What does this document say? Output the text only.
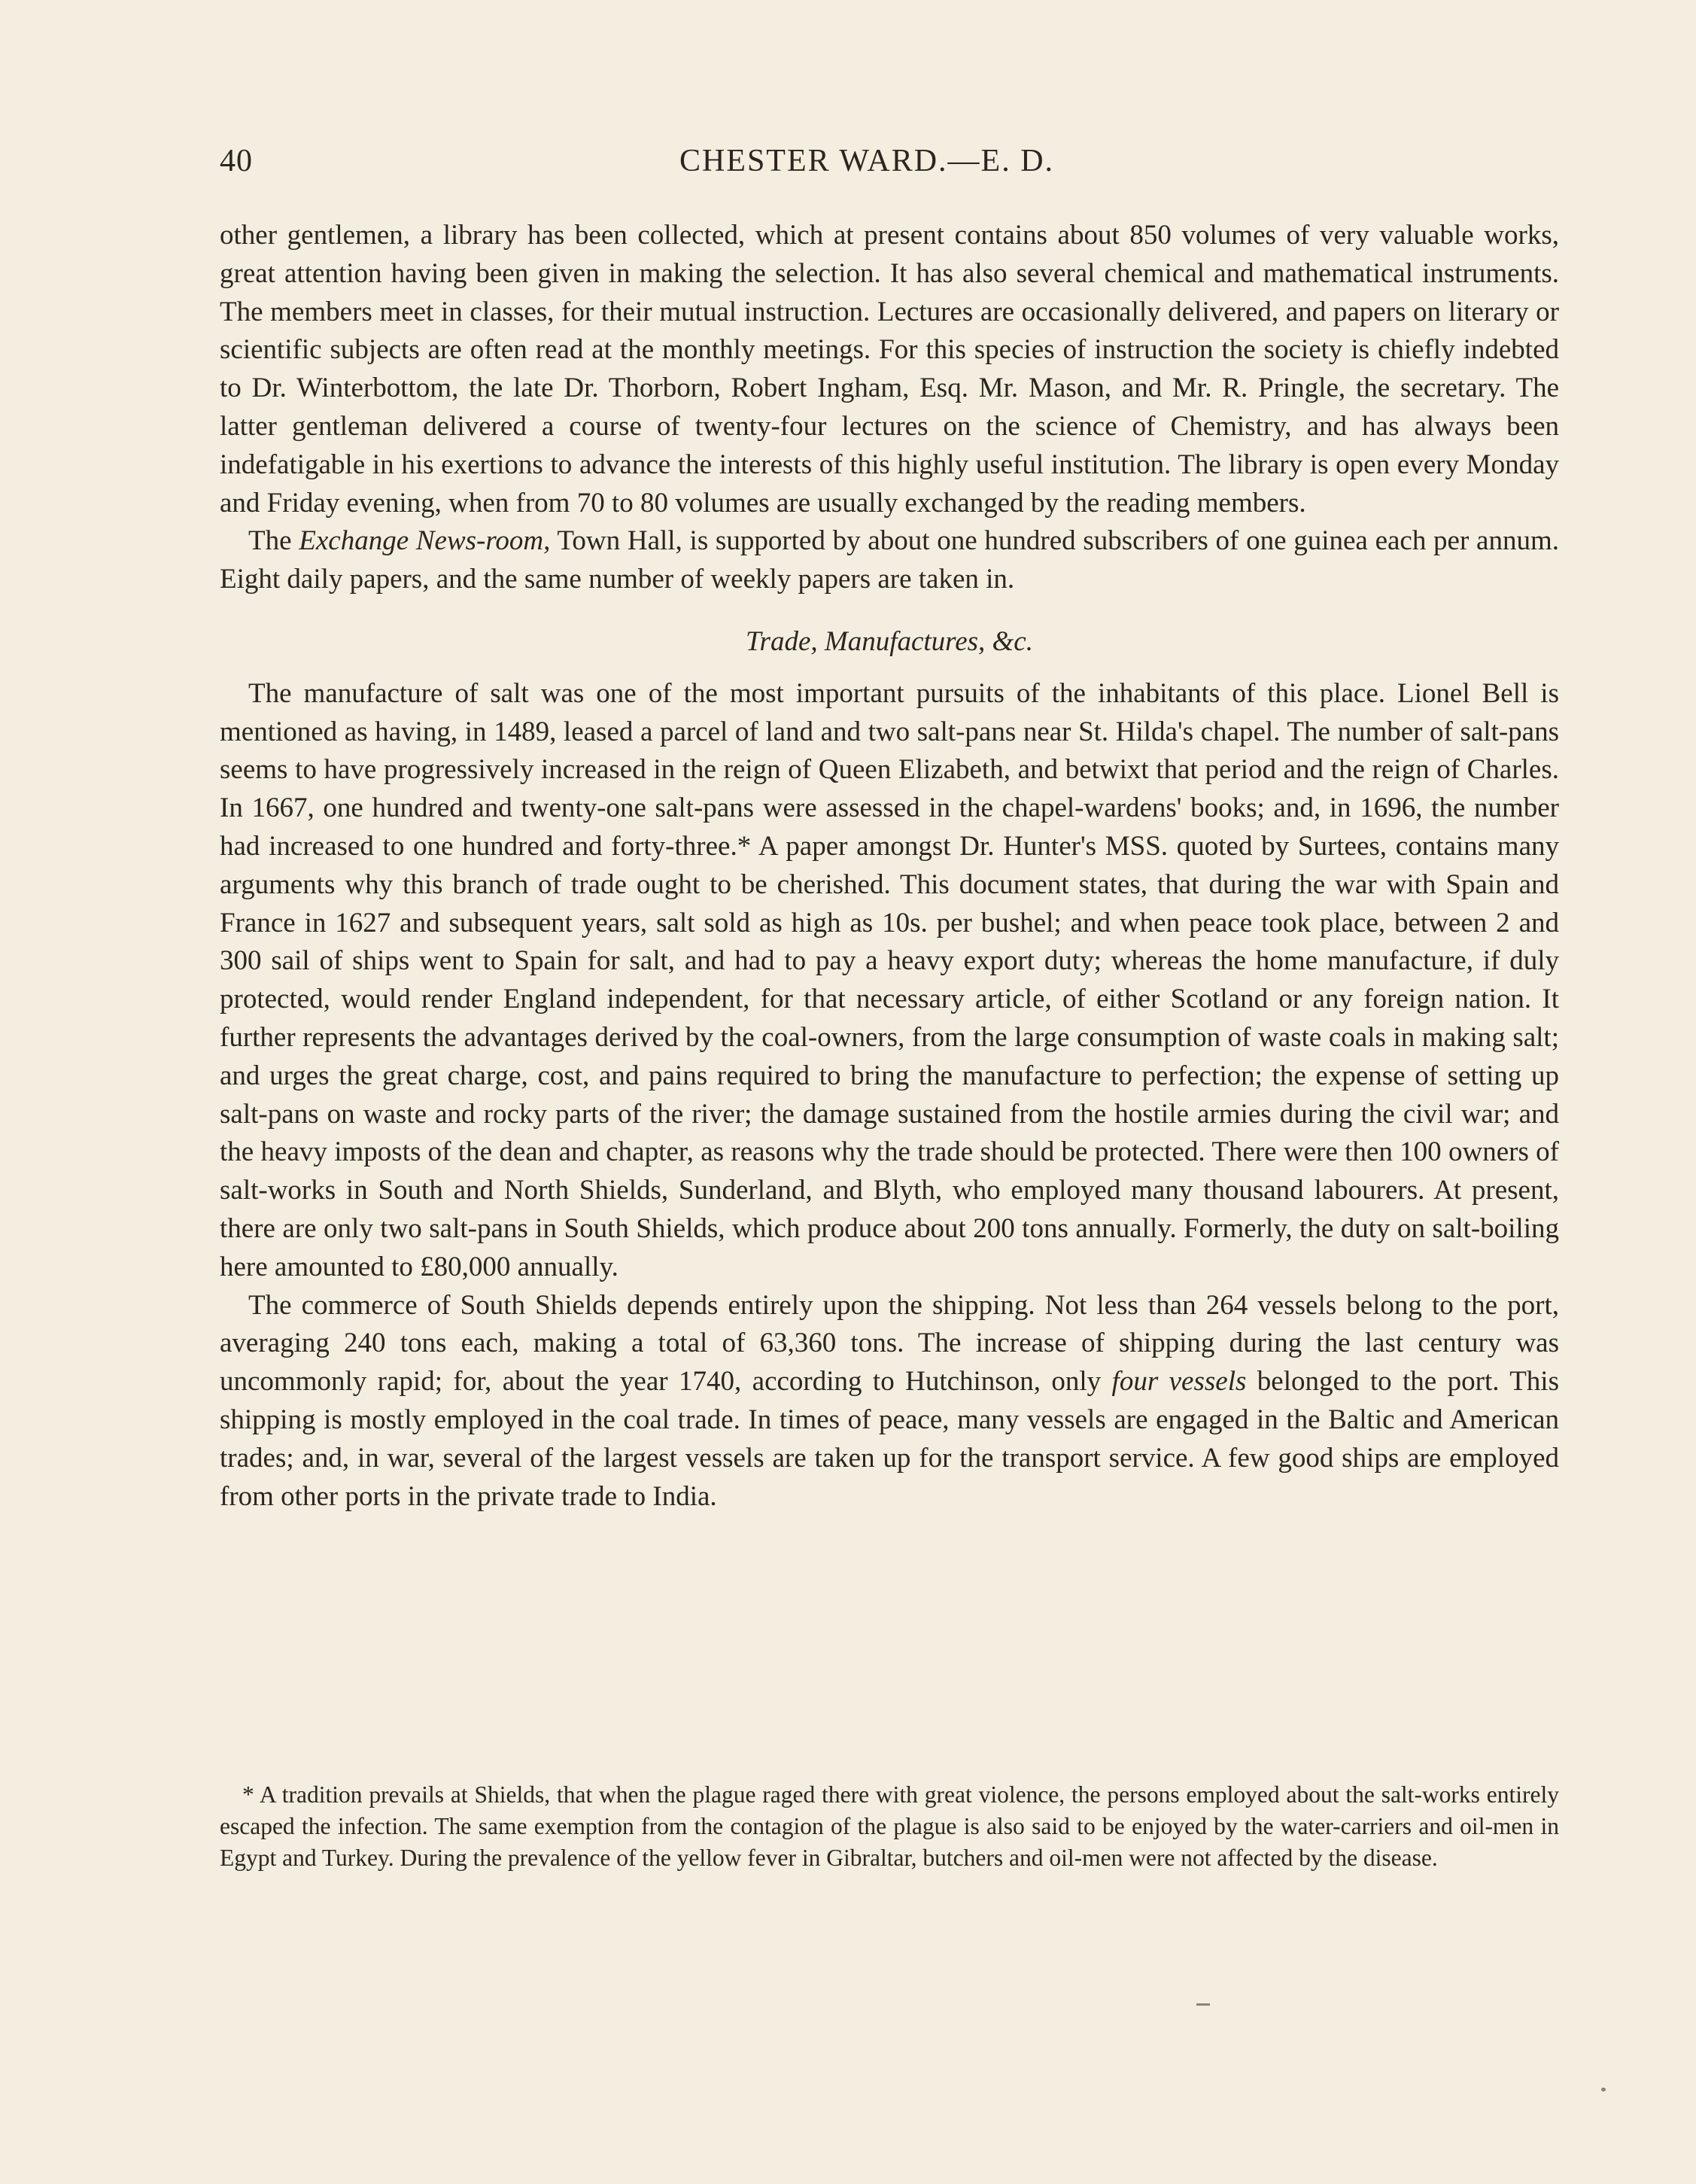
40	CHESTER WARD.—E. D.

other gentlemen, a library has been collected, which at present contains about 850 volumes of very valuable works, great attention having been given in making the selection. It has also several chemical and mathematical instruments. The members meet in classes, for their mutual instruction. Lectures are occasionally delivered, and papers on literary or scientific subjects are often read at the monthly meetings. For this species of instruction the society is chiefly indebted to Dr. Winterbottom, the late Dr. Thorborn, Robert Ingham, Esq. Mr. Mason, and Mr. R. Pringle, the secretary. The latter gentleman delivered a course of twenty-four lectures on the science of Chemistry, and has always been indefatigable in his exertions to advance the interests of this highly useful institution. The library is open every Monday and Friday evening, when from 70 to 80 volumes are usually exchanged by the reading members.

The Exchange News-room, Town Hall, is supported by about one hundred subscribers of one guinea each per annum. Eight daily papers, and the same number of weekly papers are taken in.

Trade, Manufactures, &c.

The manufacture of salt was one of the most important pursuits of the inhabitants of this place. Lionel Bell is mentioned as having, in 1489, leased a parcel of land and two salt-pans near St. Hilda's chapel. The number of salt-pans seems to have progressively increased in the reign of Queen Elizabeth, and betwixt that period and the reign of Charles. In 1667, one hundred and twenty-one salt-pans were assessed in the chapel-wardens' books; and, in 1696, the number had increased to one hundred and forty-three.* A paper amongst Dr. Hunter's MSS. quoted by Surtees, contains many arguments why this branch of trade ought to be cherished. This document states, that during the war with Spain and France in 1627 and subsequent years, salt sold as high as 10s. per bushel; and when peace took place, between 2 and 300 sail of ships went to Spain for salt, and had to pay a heavy export duty; whereas the home manufacture, if duly protected, would render England independent, for that necessary article, of either Scotland or any foreign nation. It further represents the advantages derived by the coal-owners, from the large consumption of waste coals in making salt; and urges the great charge, cost, and pains required to bring the manufacture to perfection; the expense of setting up salt-pans on waste and rocky parts of the river; the damage sustained from the hostile armies during the civil war; and the heavy imposts of the dean and chapter, as reasons why the trade should be protected. There were then 100 owners of salt-works in South and North Shields, Sunderland, and Blyth, who employed many thousand labourers. At present, there are only two salt-pans in South Shields, which produce about 200 tons annually. Formerly, the duty on salt-boiling here amounted to £80,000 annually.

The commerce of South Shields depends entirely upon the shipping. Not less than 264 vessels belong to the port, averaging 240 tons each, making a total of 63,360 tons. The increase of shipping during the last century was uncommonly rapid; for, about the year 1740, according to Hutchinson, only four vessels belonged to the port. This shipping is mostly employed in the coal trade. In times of peace, many vessels are engaged in the Baltic and American trades; and, in war, several of the largest vessels are taken up for the transport service. A few good ships are employed from other ports in the private trade to India.

* A tradition prevails at Shields, that when the plague raged there with great violence, the persons employed about the salt-works entirely escaped the infection. The same exemption from the contagion of the plague is also said to be enjoyed by the water-carriers and oil-men in Egypt and Turkey. During the prevalence of the yellow fever in Gibraltar, butchers and oil-men were not affected by the disease.
